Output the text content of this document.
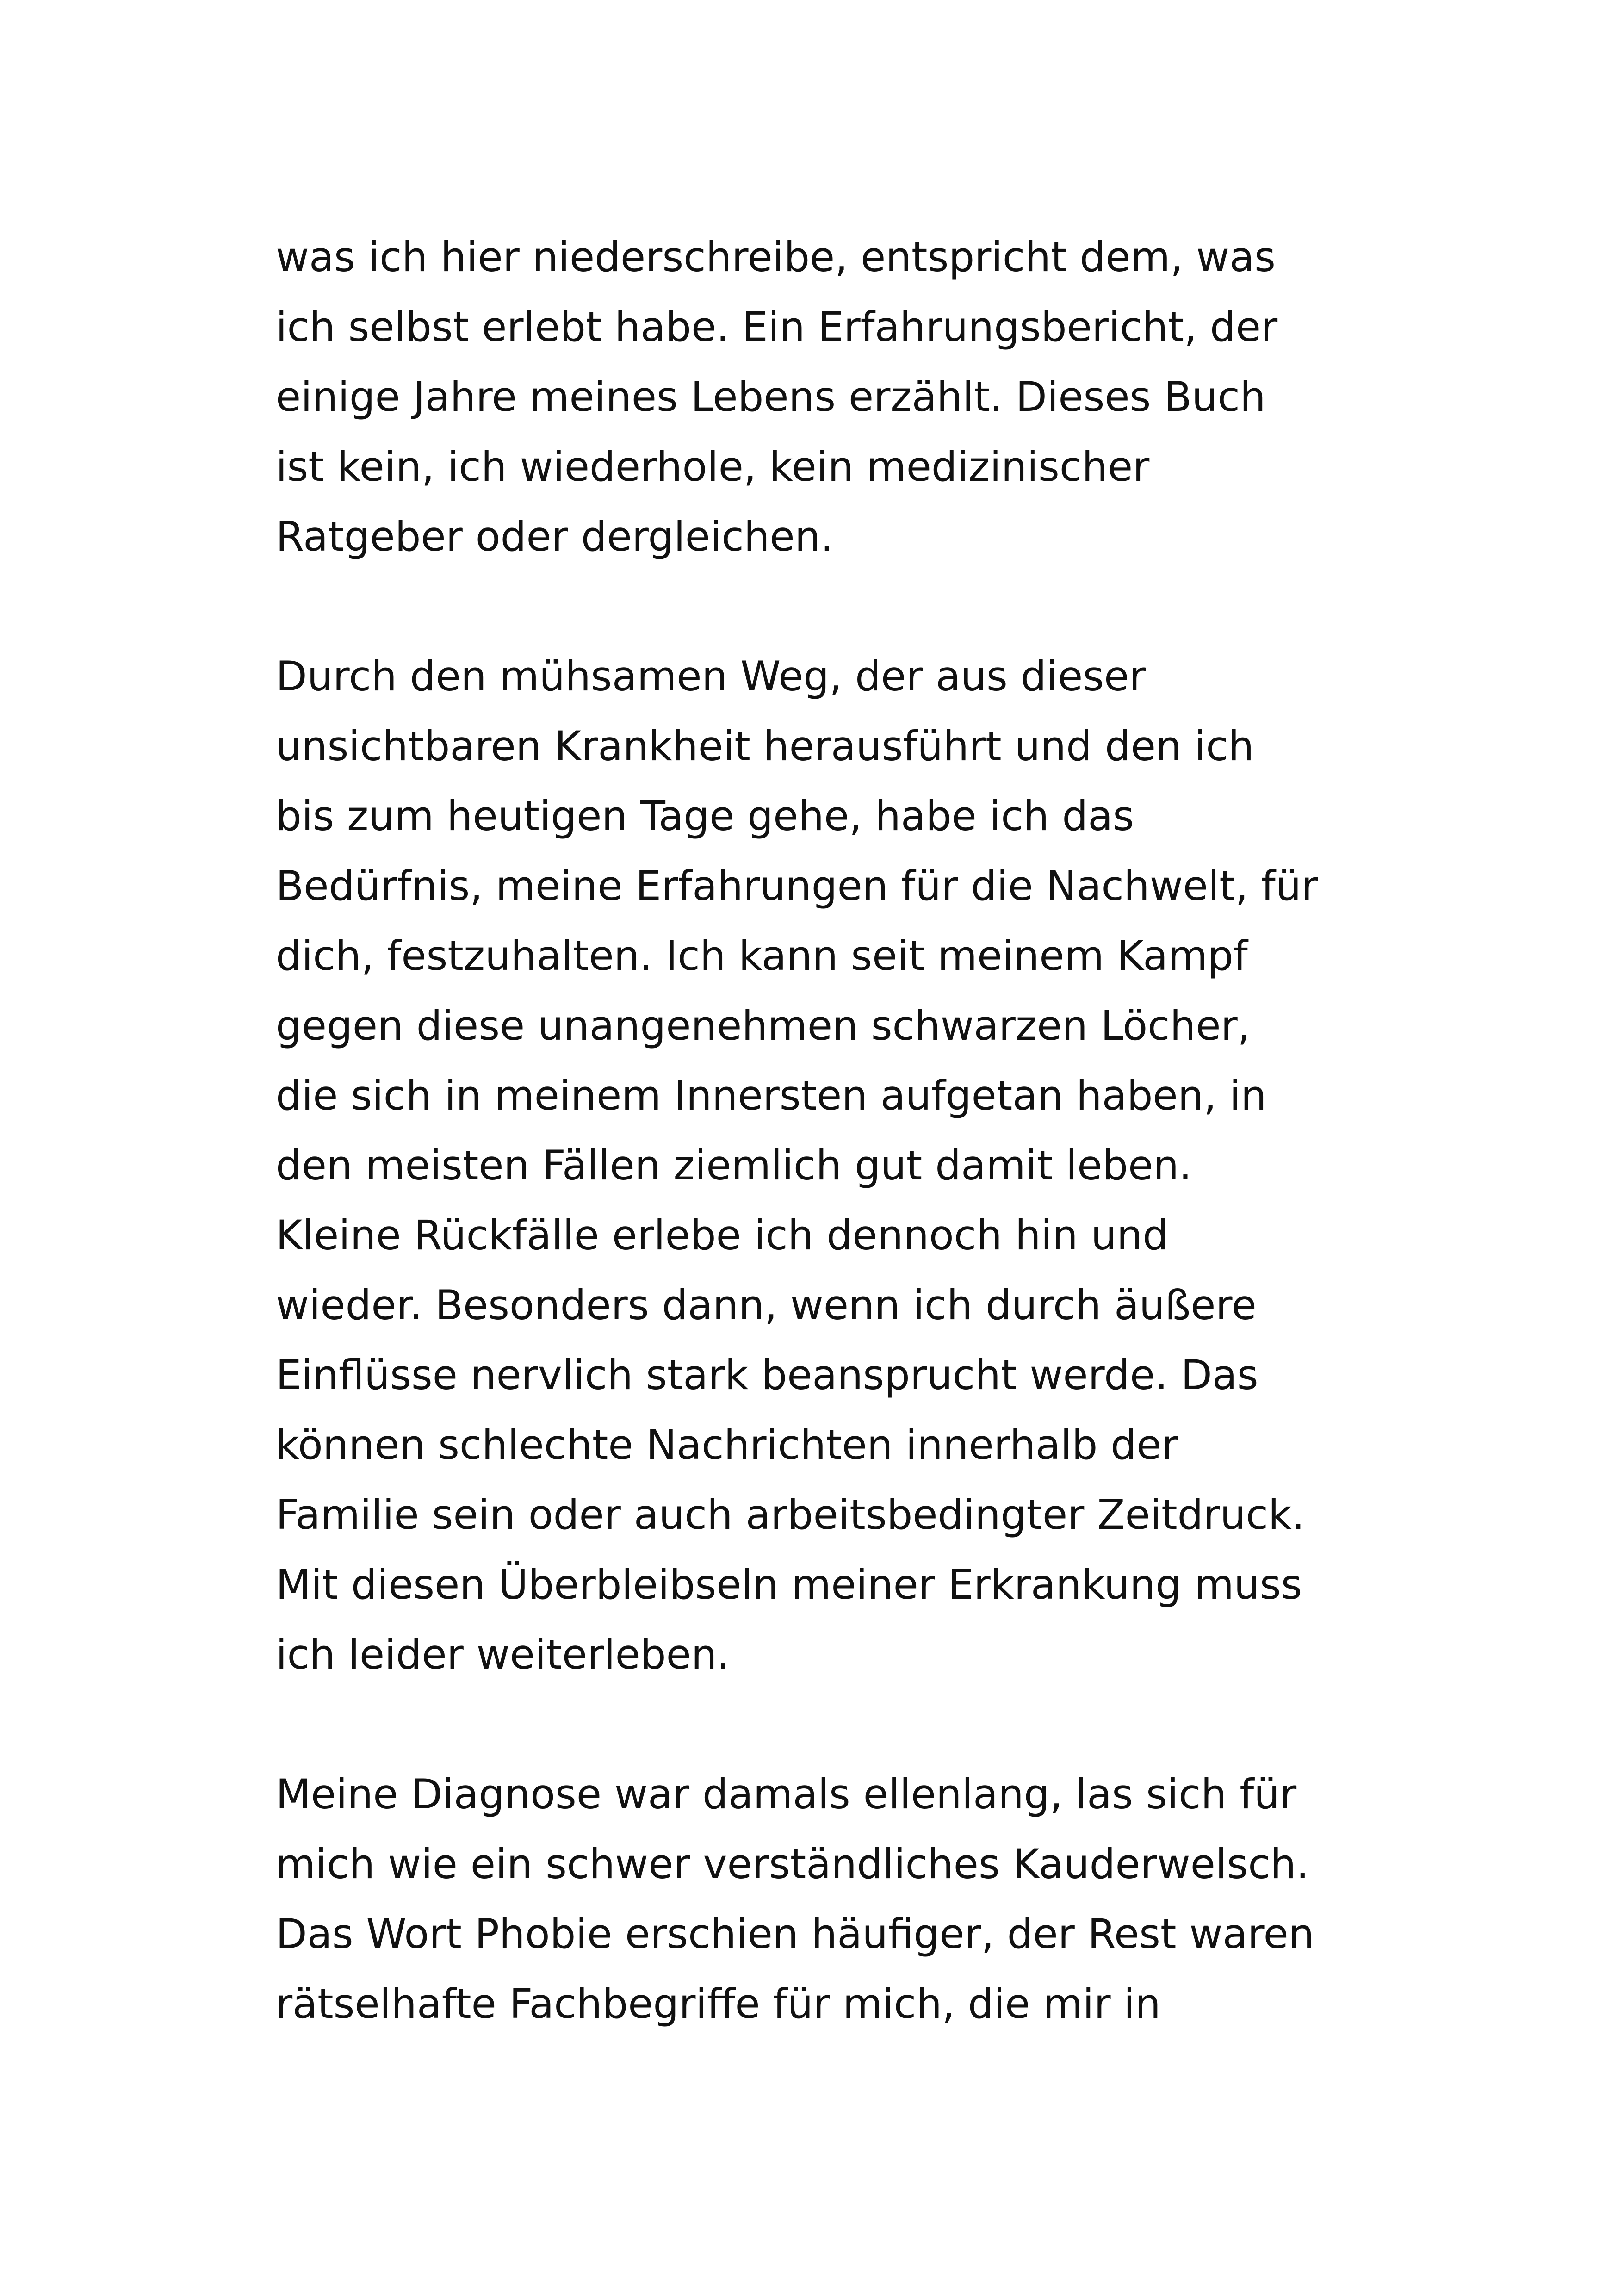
was ich hier niederschreibe, entspricht dem, was
ich selbst erlebt habe. Ein Erfahrungsbericht, der
einige Jahre meines Lebens erzählt. Dieses Buch
ist kein, ich wiederhole, kein medizinischer
Ratgeber oder dergleichen.

Durch den mühsamen Weg, der aus dieser
unsichtbaren Krankheit herausführt und den ich
bis zum heutigen Tage gehe, habe ich das
Bedürfnis, meine Erfahrungen für die Nachwelt, für
dich, festzuhalten. Ich kann seit meinem Kampf
gegen diese unangenehmen schwarzen Löcher,
die sich in meinem Innersten aufgetan haben, in
den meisten Fällen ziemlich gut damit leben.
Kleine Rückfälle erlebe ich dennoch hin und
wieder. Besonders dann, wenn ich durch äußere
Einflüsse nervlich stark beansprucht werde. Das
können schlechte Nachrichten innerhalb der
Familie sein oder auch arbeitsbedingter Zeitdruck.
Mit diesen Überbleibseln meiner Erkrankung muss
ich leider weiterleben.

Meine Diagnose war damals ellenlang, las sich für
mich wie ein schwer verständliches Kauderwelsch.
Das Wort Phobie erschien häufiger, der Rest waren
rätselhafte Fachbegriffe für mich, die mir in
